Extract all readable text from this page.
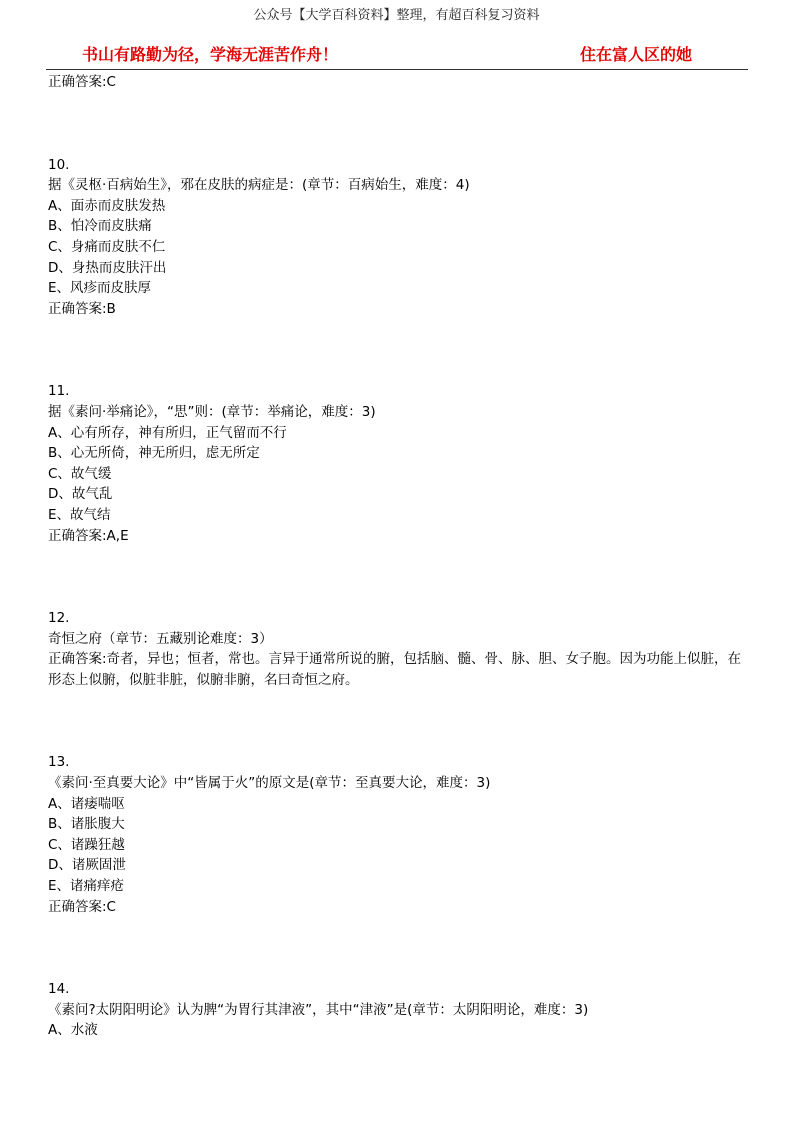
公众号【大学百科资料】整理，有超百科复习资料
书山有路勤为径，学海无涯苦作舟！	住在富人区的她
正确答案:C
10.
据《灵枢·百病始生》，邪在皮肤的病症是：(章节：百病始生，难度：4)
A、面赤而皮肤发热
B、怕冷而皮肤痛
C、身痛而皮肤不仁
D、身热而皮肤汗出
E、风疹而皮肤厚
正确答案:B
11.
据《素问·举痛论》，“思”则：(章节：举痛论，难度：3)
A、心有所存，神有所归，正气留而不行
B、心无所倚，神无所归，虑无所定
C、故气缓
D、故气乱
E、故气结
正确答案:A,E
12.
奇恒之府（章节：五藏别论难度：3）
正确答案:奇者，异也；恒者，常也。言异于通常所说的腑，包括脑、髓、骨、脉、胆、女子胞。因为功能上似脏，在形态上似腑，似脏非脏，似腑非腑，名曰奇恒之府。
13.
《素问·至真要大论》中“皆属于火”的原文是(章节：至真要大论，难度：3)
A、诸痿喘呕
B、诸胀腹大
C、诸躁狂越
D、诸厥固泄
E、诸痛痒疮
正确答案:C
14.
《素问?太阴阳明论》认为脾“为胃行其津液”，其中“津液”是(章节：太阴阳明论，难度：3)
A、水液
